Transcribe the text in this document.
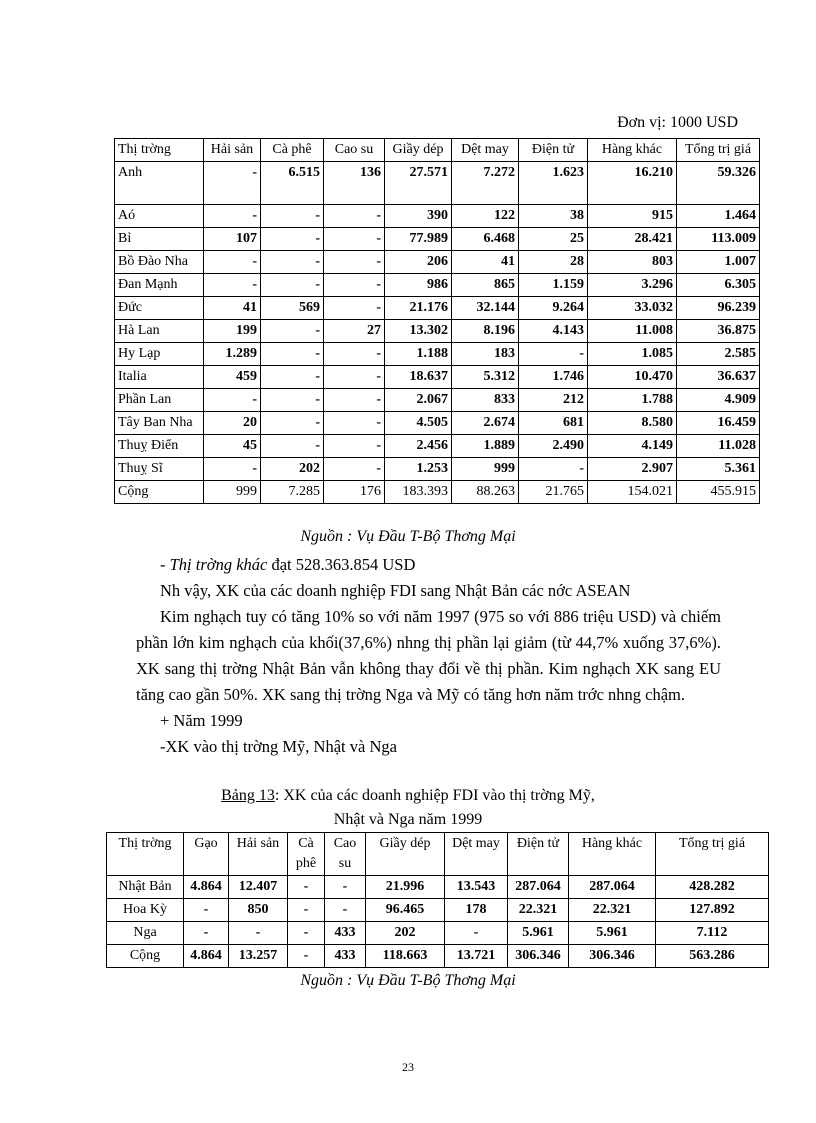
Đơn vị: 1000 USD
Thị trờng	Hải sản	Cà phê	Cao su	Giầy dép	Dệt may	Điện tử	Hàng khác	Tổng trị giá
Anh	-	6.515	136	27.571	7.272	1.623	16.210	59.326
Aó	-	-	-	390	122	38	915	1.464
Bỉ	107	-	-	77.989	6.468	25	28.421	113.009
Bồ Đào Nha	-	-	-	206	41	28	803	1.007
Đan Mạnh	-	-	-	986	865	1.159	3.296	6.305
Đức	41	569	-	21.176	32.144	9.264	33.032	96.239
Hà Lan	199	-	27	13.302	8.196	4.143	11.008	36.875
Hy Lạp	1.289	-	-	1.188	183	-	1.085	2.585
Italia	459	-	-	18.637	5.312	1.746	10.470	36.637
Phần Lan	-	-	-	2.067	833	212	1.788	4.909
Tây Ban Nha	20	-	-	4.505	2.674	681	8.580	16.459
Thuỵ Điển	45	-	-	2.456	1.889	2.490	4.149	11.028
Thuỵ Sĩ	-	202	-	1.253	999	-	2.907	5.361
Cộng	999	7.285	176	183.393	88.263	21.765	154.021	455.915
Nguồn : Vụ Đầu T-Bộ Thơng Mại
- Thị trờng khác đạt 528.363.854 USD
Nh vậy, XK của các doanh nghiệp FDI sang Nhật Bản các nớc ASEAN
Kim nghạch tuy có tăng 10% so với năm 1997 (975 so với 886 triệu USD) và chiếm phần lớn kim nghạch của khối(37,6%) nhng thị phần lại giảm (từ 44,7% xuống 37,6%). XK sang thị trờng Nhật Bản vẫn không thay đổi về thị phần. Kim nghạch XK sang EU tăng cao gần 50%. XK sang thị trờng Nga và Mỹ có tăng hơn năm trớc nhng chậm.
+ Năm 1999
-XK vào thị trờng Mỹ, Nhật và Nga
Bảng 13: XK của các doanh nghiệp FDI vào thị trờng Mỹ,
Nhật và Nga năm 1999
Thị trờng	Gạo	Hải sản	Cà phê	Cao su	Giầy dép	Dệt may	Điện tử	Hàng khác	Tổng trị giá
Nhật Bản	4.864	12.407	-	-	21.996	13.543	287.064	287.064	428.282
Hoa Kỳ	-	850	-	-	96.465	178	22.321	22.321	127.892
Nga	-	-	-	433	202	-	5.961	5.961	7.112
Cộng	4.864	13.257	-	433	118.663	13.721	306.346	306.346	563.286
Nguồn : Vụ Đầu T-Bộ Thơng Mại
23
